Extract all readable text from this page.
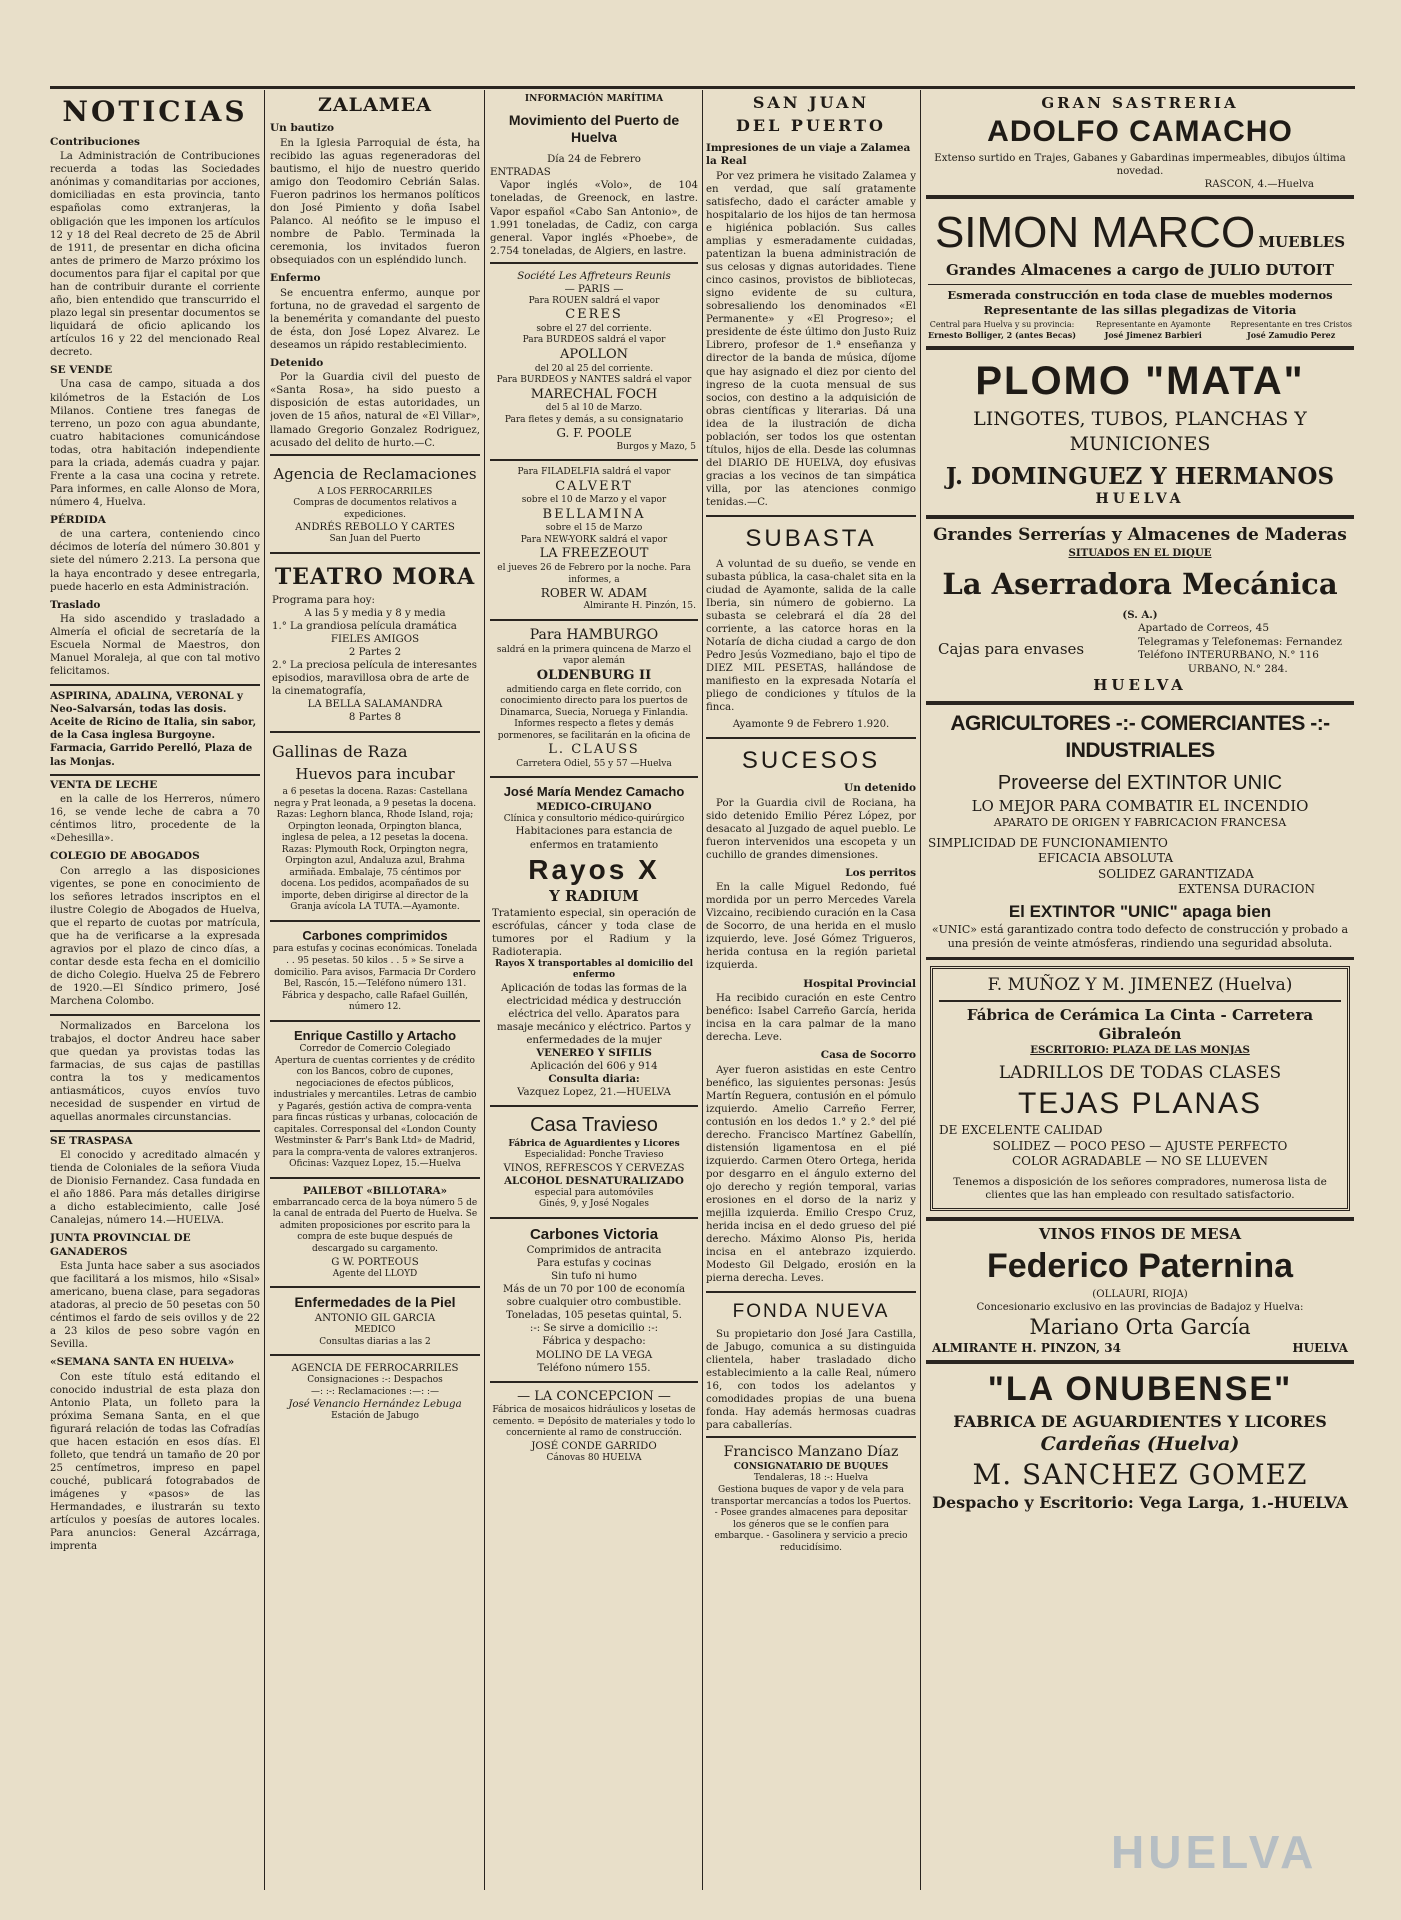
NOTICIAS
Contribuciones

La Administración de Contribuciones recuerda a todas las Sociedades anónimas y comanditarias por acciones, domiciliadas en esta provincia, tanto españolas como extranjeras, la obligación que les imponen los artículos 12 y 18 del Real decreto de 25 de Abril de 1911, de presentar en dicha oficina antes de primero de Marzo próximo los documentos para fijar el capital por que han de contribuir durante el corriente año, bien entendido que transcurrido el plazo legal sin presentar documentos se liquidará de oficio aplicando los artículos 16 y 22 del mencionado Real decreto.

SE VENDE

Una casa de campo, situada a dos kilómetros de la Estación de Los Milanos. Contiene tres fanegas de terreno, un pozo con agua abundante, cuatro habitaciones comunicándose todas, otra habitación independiente para la criada, además cuadra y pajar. Frente a la casa una cocina y retrete. Para informes, en calle Alonso de Mora, número 4, Huelva.

PÉRDIDA

de una cartera, conteniendo cinco décimos de lotería del número 30.801 y siete del número 2.213. La persona que la haya encontrado y desee entregarla, puede hacerlo en esta Administración.

Traslado

Ha sido ascendido y trasladado a Almería el oficial de secretaría de la Escuela Normal de Maestros, don Manuel Moraleja, al que con tal motivo felicitamos.

ASPIRINA, ADALINA, VERONAL y Neo-Salvarsán, todas las dosis. Aceite de Ricino de Italia, sin sabor, de la Casa inglesa Burgoyne. Farmacia, Garrido Perelló, Plaza de las Monjas.
VENTA DE LECHE

en la calle de los Herreros, número 16, se vende leche de cabra a 70 céntimos litro, procedente de la «Dehesilla».

COLEGIO DE ABOGADOS

Con arreglo a las disposiciones vigentes, se pone en conocimiento de los señores letrados inscriptos en el ilustre Colegio de Abogados de Huelva, que el reparto de cuotas por matrícula, que ha de verificarse a la expresada agravios por el plazo de cinco días, a contar desde esta fecha en el domicilio de dicho Colegio. Huelva 25 de Febrero de 1920.—El Síndico primero, José Marchena Colombo.

Normalizados en Barcelona los trabajos, el doctor Andreu hace saber que quedan ya provistas todas las farmacias, de sus cajas de pastillas contra la tos y medicamentos antiasmáticos, cuyos envíos tuvo necesidad de suspender en virtud de aquellas anormales circunstancias.

SE TRASPASA

El conocido y acreditado almacén y tienda de Coloniales de la señora Viuda de Dionisio Fernandez. Casa fundada en el año 1886. Para más detalles dirigirse a dicho establecimiento, calle José Canalejas, número 14.—HUELVA.

JUNTA PROVINCIAL DE GANADEROS

Esta Junta hace saber a sus asociados que facilitará a los mismos, hilo «Sisal» americano, buena clase, para segadoras atadoras, al precio de 50 pesetas con 50 céntimos el fardo de seis ovillos y de 22 a 23 kilos de peso sobre vagón en Sevilla.

«SEMANA SANTA EN HUELVA»

Con este título está editando el conocido industrial de esta plaza don Antonio Plata, un folleto para la próxima Semana Santa, en el que figurará relación de todas las Cofradías que hacen estación en esos días. El folleto, que tendrá un tamaño de 20 por 25 centímetros, impreso en papel couché, publicará fotograbados de imágenes y «pasos» de las Hermandades, e ilustrarán su texto artículos y poesías de autores locales. Para anuncios: General Azcárraga, imprenta

ZALAMEA
Un bautizo

En la Iglesia Parroquial de ésta, ha recibido las aguas regeneradoras del bautismo, el hijo de nuestro querido amigo don Teodomiro Cebrián Salas. Fueron padrinos los hermanos políticos don José Pimiento y doña Isabel Palanco. Al neófito se le impuso el nombre de Pablo. Terminada la ceremonia, los invitados fueron obsequiados con un espléndido lunch.

Enfermo

Se encuentra enfermo, aunque por fortuna, no de gravedad el sargento de la benemérita y comandante del puesto de ésta, don José Lopez Alvarez. Le deseamos un rápido restablecimiento.

Detenido

Por la Guardia civil del puesto de «Santa Rosa», ha sido puesto a disposición de estas autoridades, un joven de 15 años, natural de «El Villar», llamado Gregorio Gonzalez Rodriguez, acusado del delito de hurto.—C.

Agencia de Reclamaciones
A LOS FERROCARRILES
Compras de documentos relativos a expediciones.
ANDRÉS REBOLLO Y CARTES
San Juan del Puerto
TEATRO MORA
Programa para hoy:
A las 5 y media y 8 y media
1.° La grandiosa película dramática
FIELES AMIGOS
2 Partes 2
2.° La preciosa película de interesantes episodios, maravillosa obra de arte de la cinematografía,
LA BELLA SALAMANDRA
8 Partes 8
Gallinas de Raza
Huevos para incubar
a 6 pesetas la docena. Razas: Castellana negra y Prat leonada, a 9 pesetas la docena. Razas: Leghorn blanca, Rhode Island, roja; Orpington leonada, Orpington blanca, inglesa de pelea, a 12 pesetas la docena. Razas: Plymouth Rock, Orpington negra, Orpington azul, Andaluza azul, Brahma armiñada. Embalaje, 75 céntimos por docena. Los pedidos, acompañados de su importe, deben dirigirse al director de la Granja avícola LA TUTA.—Ayamonte.
Carbones comprimidos
para estufas y cocinas económicas. Tonelada . . 95 pesetas. 50 kilos . . 5 » Se sirve a domicilio. Para avisos, Farmacia Dr Cordero Bel, Rascón, 15.—Teléfono número 131. Fábrica y despacho, calle Rafael Guillén, número 12.
Enrique Castillo y Artacho
Corredor de Comercio Colegiado
Apertura de cuentas corrientes y de crédito con los Bancos, cobro de cupones, negociaciones de efectos públicos, industriales y mercantiles. Letras de cambio y Pagarés, gestión activa de compra-venta para fincas rústicas y urbanas, colocación de capitales. Corresponsal del «London County Westminster & Parr's Bank Ltd» de Madrid, para la compra-venta de valores extranjeros. Oficinas: Vazquez Lopez, 15.—Huelva
PAILEBOT «BILLOTARA»
embarrancado cerca de la boya número 5 de la canal de entrada del Puerto de Huelva. Se admiten proposiciones por escrito para la compra de este buque después de descargado su cargamento.
G W. PORTEOUS
Agente del LLOYD
Enfermedades de la Piel
ANTONIO GIL GARCIA
MEDICO
Consultas diarias a las 2
AGENCIA DE FERROCARRILES
Consignaciones :-: Despachos
—: :-: Reclamaciones :—: :—
José Venancio Hernández Lebuga
Estación de Jabugo
INFORMACIÓN MARÍTIMA
Movimiento del Puerto de Huelva
Día 24 de Febrero
ENTRADAS

Vapor inglés «Volo», de 104 toneladas, de Greenock, en lastre. Vapor español «Cabo San Antonio», de 1.991 toneladas, de Cadiz, con carga general. Vapor inglés «Phoebe», de 2.754 toneladas, de Algiers, en lastre.

Société Les Affreteurs Reunis
— PARIS —
Para ROUEN saldrá el vapor
CERES
sobre el 27 del corriente.
Para BURDEOS saldrá el vapor
APOLLON
del 20 al 25 del corriente.
Para BURDEOS y NANTES saldrá el vapor
MARECHAL FOCH
del 5 al 10 de Marzo.
Para fletes y demás, a su consignatario
G. F. POOLE
Burgos y Mazo, 5
Para FILADELFIA saldrá el vapor
CALVERT
sobre el 10 de Marzo y el vapor
BELLAMINA
sobre el 15 de Marzo
Para NEW-YORK saldrá el vapor
LA FREEZEOUT
el jueves 26 de Febrero por la noche. Para informes, a
ROBER W. ADAM
Almirante H. Pinzón, 15.
Para HAMBURGO
saldrá en la primera quincena de Marzo el vapor alemán
OLDENBURG II
admitiendo carga en flete corrido, con conocimiento directo para los puertos de Dinamarca, Suecia, Noruega y Finlandia. Informes respecto a fletes y demás pormenores, se facilitarán en la oficina de
L. CLAUSS
Carretera Odiel, 55 y 57 —Huelva
José María Mendez Camacho
MEDICO-CIRUJANO
Clínica y consultorio médico-quirúrgico
Habitaciones para estancia de enfermos en tratamiento
Rayos X
Y RADIUM
Tratamiento especial, sin operación de escrófulas, cáncer y toda clase de tumores por el Radium y la Radioterapia.
Rayos X transportables al domicilio del enfermo
Aplicación de todas las formas de la electricidad médica y destrucción eléctrica del vello. Aparatos para masaje mecánico y eléctrico. Partos y enfermedades de la mujer
VENEREO Y SIFILIS
Aplicación del 606 y 914
Consulta diaria:
Vazquez Lopez, 21.—HUELVA
Casa Travieso
Fábrica de Aguardientes y Licores
Especialidad: Ponche Travieso
VINOS, REFRESCOS Y CERVEZAS
ALCOHOL DESNATURALIZADO
especial para automóviles
Ginés, 9, y José Nogales
Carbones Victoria
Comprimidos de antracita
Para estufas y cocinas
Sin tufo ni humo
Más de un 70 por 100 de economía sobre cualquier otro combustible.
Toneladas, 105 pesetas quintal, 5.
:-: Se sirve a domicilio :-:
Fábrica y despacho:
MOLINO DE LA VEGA
Teléfono número 155.
— LA CONCEPCION —
Fábrica de mosaicos hidráulicos y losetas de cemento. = Depósito de materiales y todo lo concerniente al ramo de construcción.
JOSÉ CONDE GARRIDO
Cánovas 80 HUELVA
SAN JUAN
DEL PUERTO
Impresiones de un viaje a Zalamea la Real

Por vez primera he visitado Zalamea y en verdad, que salí gratamente satisfecho, dado el carácter amable y hospitalario de los hijos de tan hermosa e higiénica población. Sus calles amplias y esmeradamente cuidadas, patentizan la buena administración de sus celosas y dignas autoridades. Tiene cinco casinos, provistos de bibliotecas, signo evidente de su cultura, sobresaliendo los denominados «El Permanente» y «El Progreso»; el presidente de éste último don Justo Ruiz Librero, profesor de 1.ª enseñanza y director de la banda de música, díjome que hay asignado el diez por ciento del ingreso de la cuota mensual de sus socios, con destino a la adquisición de obras científicas y literarias. Dá una idea de la ilustración de dicha población, ser todos los que ostentan títulos, hijos de ella. Desde las columnas del DIARIO DE HUELVA, doy efusivas gracias a los vecinos de tan simpática villa, por las atenciones conmigo tenidas.—C.

SUBASTA

A voluntad de su dueño, se vende en subasta pública, la casa-chalet sita en la ciudad de Ayamonte, salida de la calle Iberia, sin número de gobierno. La subasta se celebrará el día 28 del corriente, a las catorce horas en la Notaría de dicha ciudad a cargo de don Pedro Jesús Vozmediano, bajo el tipo de DIEZ MIL PESETAS, hallándose de manifiesto en la expresada Notaría el pliego de condiciones y títulos de la finca.

Ayamonte 9 de Febrero 1.920.

SUCESOS
Un detenido

Por la Guardia civil de Rociana, ha sido detenido Emilio Pérez López, por desacato al Juzgado de aquel pueblo. Le fueron intervenidos una escopeta y un cuchillo de grandes dimensiones.

Los perritos

En la calle Miguel Redondo, fué mordida por un perro Mercedes Varela Vizcaino, recibiendo curación en la Casa de Socorro, de una herida en el muslo izquierdo, leve. José Gómez Trigueros, herida contusa en la región parietal izquierda.

Hospital Provincial

Ha recibido curación en este Centro benéfico: Isabel Carreño García, herida incisa en la cara palmar de la mano derecha. Leve.

Casa de Socorro

Ayer fueron asistidas en este Centro benéfico, las siguientes personas: Jesús Martín Reguera, contusión en el pómulo izquierdo. Amelio Carreño Ferrer, contusión en los dedos 1.° y 2.° del pié derecho. Francisco Martínez Gabellín, distensión ligamentosa en el pié izquierdo. Carmen Otero Ortega, herida por desgarro en el ángulo externo del ojo derecho y región temporal, varias erosiones en el dorso de la nariz y mejilla izquierda. Emilio Crespo Cruz, herida incisa en el dedo grueso del pié derecho. Máximo Alonso Pis, herida incisa en el antebrazo izquierdo. Modesto Gil Delgado, erosión en la pierna derecha. Leves.

FONDA NUEVA

Su propietario don José Jara Castilla, de Jabugo, comunica a su distinguida clientela, haber trasladado dicho establecimiento a la calle Real, número 16, con todos los adelantos y comodidades propias de una buena fonda. Hay además hermosas cuadras para caballerías.

Francisco Manzano Díaz
CONSIGNATARIO DE BUQUES
Tendaleras, 18 :-: Huelva
Gestiona buques de vapor y de vela para transportar mercancías a todos los Puertos. - Posee grandes almacenes para depositar los géneros que se le confíen para embarque. - Gasolinera y servicio a precio reducidísimo.
GRAN SASTRERIA
ADOLFO CAMACHO
Extenso surtido en Trajes, Gabanes y Gabardinas impermeables, dibujos última novedad.
RASCON, 4.—Huelva
SIMON MARCO MUEBLES
Grandes Almacenes a cargo de JULIO DUTOIT
Esmerada construcción en toda clase de muebles modernos
Representante de las sillas plegadizas de Vitoria
Central para Huelva y su provincia:
Ernesto Bolliger, 2 (antes Becas)
Representante en Ayamonte
José Jimenez Barbieri
Representante en tres Cristos
José Zamudio Perez
PLOMO "MATA"
LINGOTES, TUBOS, PLANCHAS Y MUNICIONES
J. DOMINGUEZ Y HERMANOS
HUELVA
Grandes Serrerías y Almacenes de Maderas
SITUADOS EN EL DIQUE
La Aserradora Mecánica
(S. A.)
Cajas para envases
Apartado de Correos, 45
Telegramas y Telefonemas: Fernandez
Teléfono INTERURBANO, N.° 116
URBANO, N.° 284.
HUELVA
AGRICULTORES -:- COMERCIANTES -:- INDUSTRIALES
Proveerse del EXTINTOR UNIC
LO MEJOR PARA COMBATIR EL INCENDIO
APARATO DE ORIGEN Y FABRICACION FRANCESA
SIMPLICIDAD DE FUNCIONAMIENTO
EFICACIA ABSOLUTA
SOLIDEZ GARANTIZADA
EXTENSA DURACION
El EXTINTOR "UNIC" apaga bien
«UNIC» está garantizado contra todo defecto de construcción y probado a una presión de veinte atmósferas, rindiendo una seguridad absoluta.
F. MUÑOZ Y M. JIMENEZ (Huelva)
Fábrica de Cerámica La Cinta - Carretera Gibraleón
ESCRITORIO: PLAZA DE LAS MONJAS
LADRILLOS DE TODAS CLASES
TEJAS PLANAS
DE EXCELENTE CALIDAD
SOLIDEZ — POCO PESO — AJUSTE PERFECTO
COLOR AGRADABLE — NO SE LLUEVEN
Tenemos a disposición de los señores compradores, numerosa lista de clientes que las han empleado con resultado satisfactorio.
VINOS FINOS DE MESA
Federico Paternina
(OLLAURI, RIOJA)
Concesionario exclusivo en las provincias de Badajoz y Huelva:
Mariano Orta García
ALMIRANTE H. PINZON, 34	HUELVA
"LA ONUBENSE"
FABRICA DE AGUARDIENTES Y LICORES
Cardeñas (Huelva)
M. SANCHEZ GOMEZ
Despacho y Escritorio: Vega Larga, 1.-HUELVA
HUELVA
